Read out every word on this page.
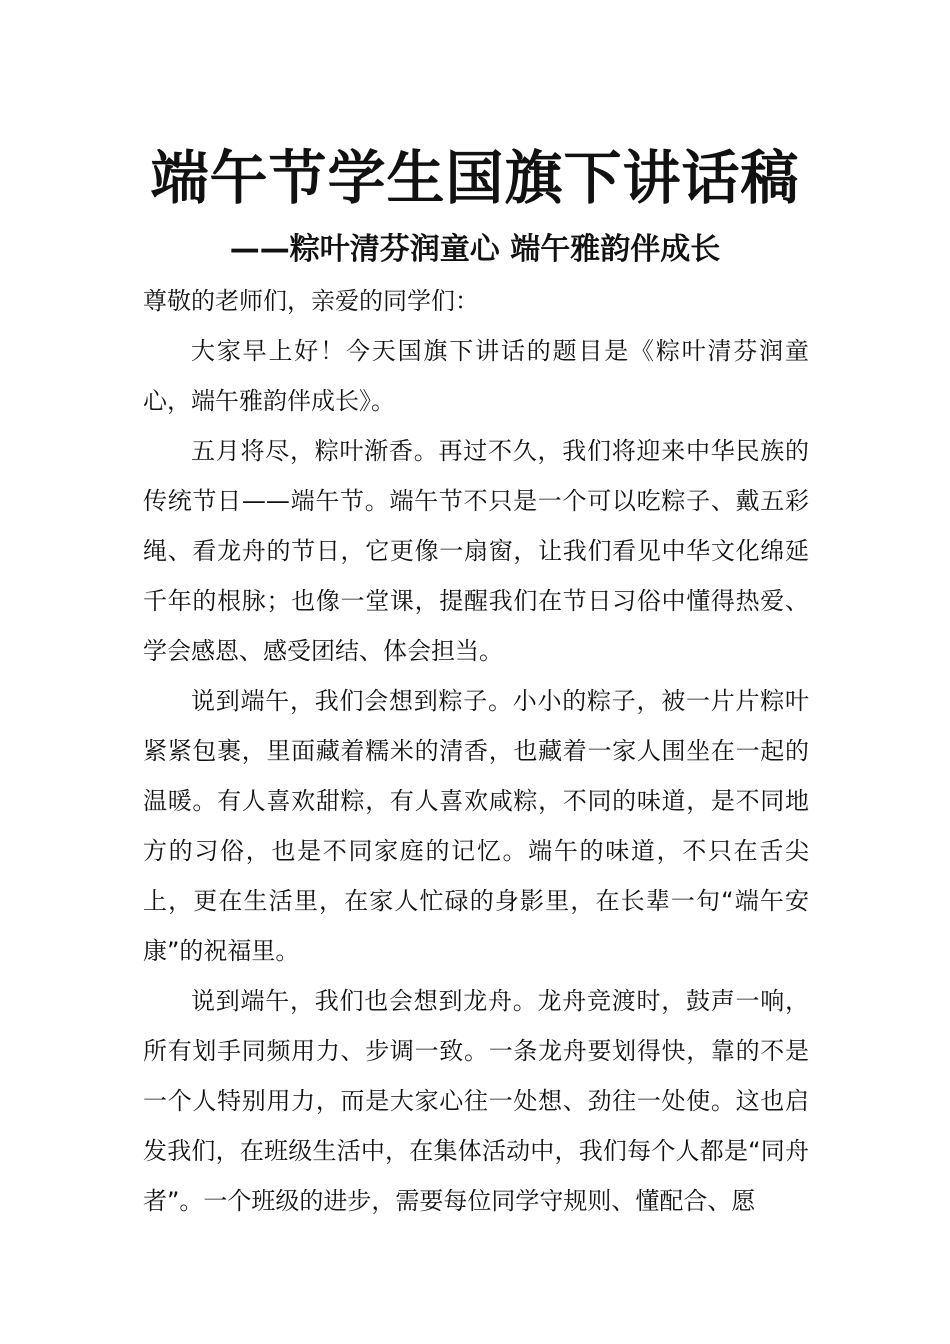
端午节学生国旗下讲话稿
——粽叶清芬润童心 端午雅韵伴成长

尊敬的老师们，亲爱的同学们：

大家早上好！今天国旗下讲话的题目是《粽叶清芬润童心，端午雅韵伴成长》。

五月将尽，粽叶渐香。再过不久，我们将迎来中华民族的传统节日——端午节。端午节不只是一个可以吃粽子、戴五彩绳、看龙舟的节日，它更像一扇窗，让我们看见中华文化绵延千年的根脉；也像一堂课，提醒我们在节日习俗中懂得热爱、学会感恩、感受团结、体会担当。

说到端午，我们会想到粽子。小小的粽子，被一片片粽叶紧紧包裹，里面藏着糯米的清香，也藏着一家人围坐在一起的温暖。有人喜欢甜粽，有人喜欢咸粽，不同的味道，是不同地方的习俗，也是不同家庭的记忆。端午的味道，不只在舌尖上，更在生活里，在家人忙碌的身影里，在长辈一句“端午安康”的祝福里。

说到端午，我们也会想到龙舟。龙舟竞渡时，鼓声一响，所有划手同频用力、步调一致。一条龙舟要划得快，靠的不是一个人特别用力，而是大家心往一处想、劲往一处使。这也启发我们，在班级生活中，在集体活动中，我们每个人都是“同舟者”。一个班级的进步，需要每位同学守规则、懂配合、愿
